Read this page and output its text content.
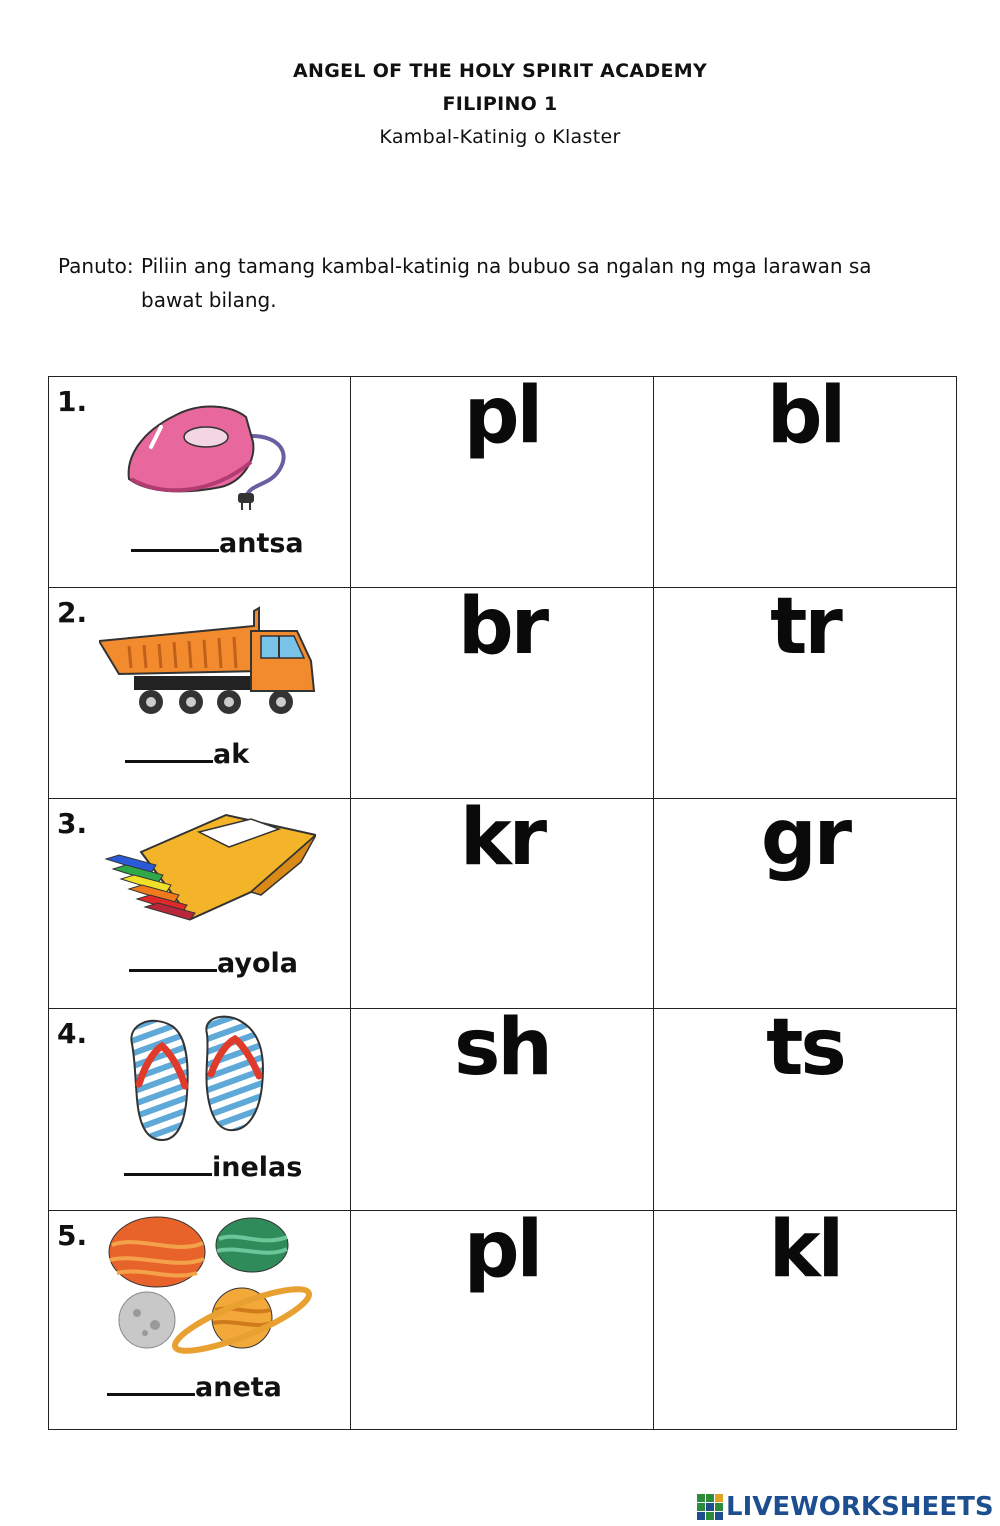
ANGEL OF THE HOLY SPIRIT ACADEMY
FILIPINO 1
Kambal-Katinig o Klaster
Panuto: Piliin ang tamang kambal-katinig na bubuo sa ngalan ng mga larawan sa
bawat bilang.
1.
antsa	pl	bl

2.
ak	br	tr

3.
ayola	kr	gr

4.
inelas	sh	ts

5.
aneta	pl	kl
LIVEWORKSHEETS
